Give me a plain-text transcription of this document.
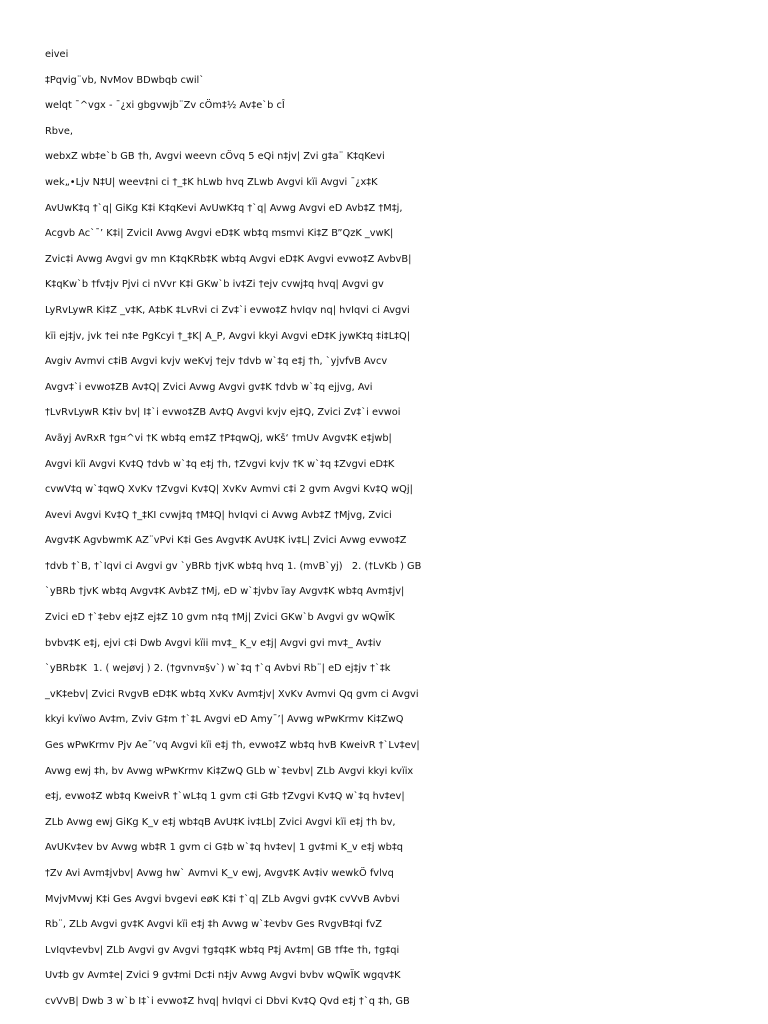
eivei
‡Pqvig¨vb, NvMov BDwbqb cwil`
welqt ¯^vgx - ¯¿xi gbgvwjb¨Zv cÖm‡½ Av‡e`b cÎ
Rbve,
webxZ wb‡e`b GB †h, Avgvi weevn cÖvq 5 eQi n‡jv| Zvi g‡a¨ K‡qKevi
wek„•Ljv N‡U| weev‡ni ci †_‡K hLwb hvq ZLwb Avgvi kïi Avgvi ¯¿x‡K
AvUwK‡q †`q| GiKg K‡i K‡qKevi AvUwK‡q †`q| Avwg Avgvi eD Avb‡Z †M‡j,
Acgvb Ac`¯’ K‡i| ZviciI Avwg Avgvi eD‡K wb‡q msmvi Ki‡Z B”QzK _vwK|
Zvic‡i Avwg Avgvi gv mn K‡qKRb‡K wb‡q Avgvi eD‡K Avgvi evwo‡Z AvbvB|
K‡qKw`b †fv‡jv Pjvi ci nVvr K‡i GKw`b iv‡Zi †ejv cvwj‡q hvq| Avgvi gv
LyRvLywR Ki‡Z _v‡K, A‡bK ‡LvRvi ci Zv‡`i evwo‡Z hvIqv nq| hvIqvi ci Avgvi
kïi ej‡jv, jvk †ei n‡e PgKcyi †_‡K| A_P, Avgvi kkyi Avgvi eD‡K jywK‡q ‡i‡L‡Q|
Avgiv Avmvi c‡iB Avgvi kvjv weKvj †ejv †dvb w`‡q e‡j †h, `yjvfvB Avcv
Avgv‡`i evwo‡ZB Av‡Q| Zvici Avwg Avgvi gv‡K †dvb w`‡q ejjvg, Avi
†LvRvLywR K‡iv bv| I‡`i evwo‡ZB Av‡Q Avgvi kvjv ej‡Q, Zvici Zv‡`i evwoi
Avãyj AvRxR †g¤^vi †K wb‡q em‡Z †P‡qwQj, wKš‘ †mUv Avgv‡K e‡jwb|
Avgvi kïi Avgvi Kv‡Q †dvb w`‡q e‡j †h, †Zvgvi kvjv †K w`‡q ‡Zvgvi eD‡K
cvwV‡q w`‡qwQ XvKv †Zvgvi Kv‡Q| XvKv Avmvi c‡i 2 gvm Avgvi Kv‡Q wQj|
Avevi Avgvi Kv‡Q †_‡KI cvwj‡q †M‡Q| hvIqvi ci Avwg Avb‡Z †Mjvg, Zvici
Avgv‡K AgvbwmK AZ¨vPvi K‡i Ges Avgv‡K AvU‡K iv‡L| Zvici Avwg evwo‡Z
†dvb †`B, †`Iqvi ci Avgvi gv `yBRb †jvK wb‡q hvq 1. (mvB`yj)   2. (†LvKb ) GB
`yBRb †jvK wb‡q Avgv‡K Avb‡Z †Mj, eD w`‡jvbv ïay Avgv‡K wb‡q Avm‡jv|
Zvici eD †`‡ebv ej‡Z ej‡Z 10 gvm n‡q †Mj| Zvici GKw`b Avgvi gv wQwÏK
bvbv‡K e‡j, ejvi c‡i Dwb Avgvi kïii mv‡_ K_v e‡j| Avgvi gvi mv‡_ Av‡iv
`yBRb‡K  1. ( wejøvj ) 2. (†gvnv¤§v`) w`‡q †`q Avbvi Rb¨| eD ej‡jv †`‡k
_vK‡ebv| Zvici RvgvB eD‡K wb‡q XvKv Avm‡jv| XvKv Avmvi Qq gvm ci Avgvi
kkyi kvïwo Av‡m, Zviv G‡m †`‡L Avgvi eD Amy¯’| Avwg wPwKrmv Ki‡ZwQ
Ges wPwKrmv Pjv Ae¯’vq Avgvi kïi e‡j †h, evwo‡Z wb‡q hvB KweivR †`Lv‡ev|
Avwg ewj ‡h, bv Avwg wPwKrmv Ki‡ZwQ GLb w`‡evbv| ZLb Avgvi kkyi kvïix
e‡j, evwo‡Z wb‡q KweivR †`wL‡q 1 gvm c‡i G‡b †Zvgvi Kv‡Q w`‡q hv‡ev|
ZLb Avwg ewj GiKg K_v e‡j wb‡qB AvU‡K iv‡Lb| Zvici Avgvi kïi e‡j †h bv,
AvUKv‡ev bv Avwg wb‡R 1 gvm ci G‡b w`‡q hv‡ev| 1 gv‡mi K_v e‡j wb‡q
†Zv Avi Avm‡jvbv| Avwg hw` Avmvi K_v ewj, Avgv‡K Av‡iv wewkÖ fvlvq
MvjvMvwj K‡i Ges Avgvi bvgevi eøK K‡i †`q| ZLb Avgvi gv‡K cvVvB Avbvi
Rb¨, ZLb Avgvi gv‡K Avgvi kïi e‡j ‡h Avwg w`‡evbv Ges RvgvB‡qi fvZ
LvIqv‡evbv| ZLb Avgvi gv Avgvi †g‡q‡K wb‡q P‡j Av‡m| GB †f‡e †h, †g‡qi
Uv‡b gv Avm‡e| Zvici 9 gv‡mi Dc‡i n‡jv Avwg Avgvi bvbv wQwÏK wgqv‡K
cvVvB| Dwb 3 w`b I‡`i evwo‡Z hvq| hvIqvi ci Dbvi Kv‡Q Qvd e‡j †`q ‡h, GB
